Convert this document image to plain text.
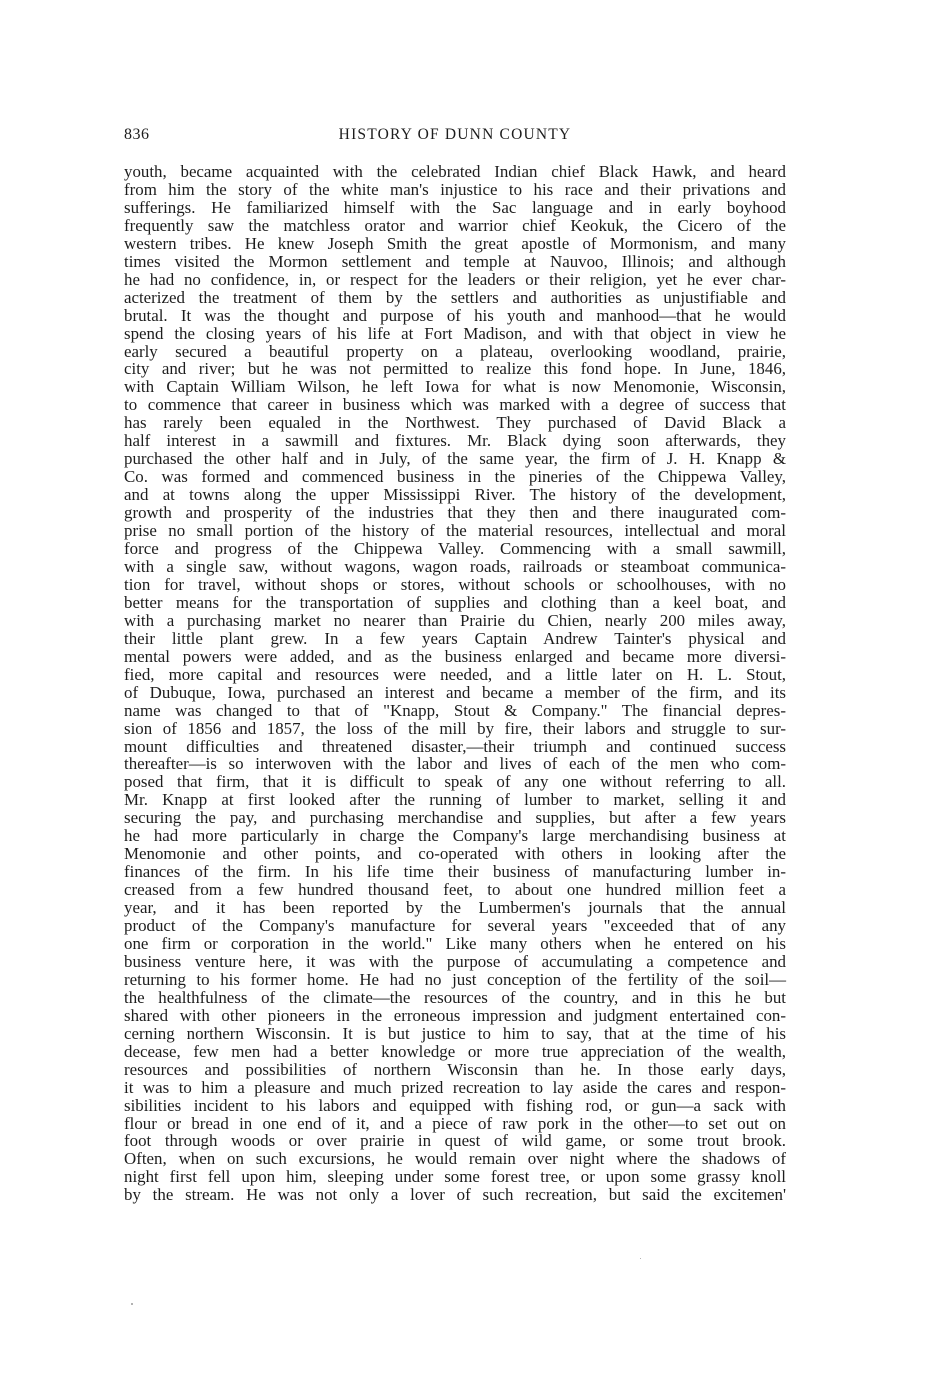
836	HISTORY OF DUNN COUNTY
youth, became acquainted with the celebrated Indian chief Black Hawk, and heard
from him the story of the white man's injustice to his race and their privations and
sufferings. He familiarized himself with the Sac language and in early boyhood
frequently saw the matchless orator and warrior chief Keokuk, the Cicero of the
western tribes. He knew Joseph Smith the great apostle of Mormonism, and many
times visited the Mormon settlement and temple at Nauvoo, Illinois; and although
he had no confidence, in, or respect for the leaders or their religion, yet he ever char-
acterized the treatment of them by the settlers and authorities as unjustifiable and
brutal. It was the thought and purpose of his youth and manhood—that he would
spend the closing years of his life at Fort Madison, and with that object in view he
early secured a beautiful property on a plateau, overlooking woodland, prairie,
city and river; but he was not permitted to realize this fond hope. In June, 1846,
with Captain William Wilson, he left Iowa for what is now Menomonie, Wisconsin,
to commence that career in business which was marked with a degree of success that
has rarely been equaled in the Northwest. They purchased of David Black a
half interest in a sawmill and fixtures. Mr. Black dying soon afterwards, they
purchased the other half and in July, of the same year, the firm of J. H. Knapp &
Co. was formed and commenced business in the pineries of the Chippewa Valley,
and at towns along the upper Mississippi River. The history of the development,
growth and prosperity of the industries that they then and there inaugurated com-
prise no small portion of the history of the material resources, intellectual and moral
force and progress of the Chippewa Valley. Commencing with a small sawmill,
with a single saw, without wagons, wagon roads, railroads or steamboat communica-
tion for travel, without shops or stores, without schools or schoolhouses, with no
better means for the transportation of supplies and clothing than a keel boat, and
with a purchasing market no nearer than Prairie du Chien, nearly 200 miles away,
their little plant grew. In a few years Captain Andrew Tainter's physical and
mental powers were added, and as the business enlarged and became more diversi-
fied, more capital and resources were needed, and a little later on H. L. Stout,
of Dubuque, Iowa, purchased an interest and became a member of the firm, and its
name was changed to that of "Knapp, Stout & Company." The financial depres-
sion of 1856 and 1857, the loss of the mill by fire, their labors and struggle to sur-
mount difficulties and threatened disaster,—their triumph and continued success
thereafter—is so interwoven with the labor and lives of each of the men who com-
posed that firm, that it is difficult to speak of any one without referring to all.
Mr. Knapp at first looked after the running of lumber to market, selling it and
securing the pay, and purchasing merchandise and supplies, but after a few years
he had more particularly in charge the Company's large merchandising business at
Menomonie and other points, and co-operated with others in looking after the
finances of the firm. In his life time their business of manufacturing lumber in-
creased from a few hundred thousand feet, to about one hundred million feet a
year, and it has been reported by the Lumbermen's journals that the annual
product of the Company's manufacture for several years "exceeded that of any
one firm or corporation in the world." Like many others when he entered on his
business venture here, it was with the purpose of accumulating a competence and
returning to his former home. He had no just conception of the fertility of the soil—
the healthfulness of the climate—the resources of the country, and in this he but
shared with other pioneers in the erroneous impression and judgment entertained con-
cerning northern Wisconsin. It is but justice to him to say, that at the time of his
decease, few men had a better knowledge or more true appreciation of the wealth,
resources and possibilities of northern Wisconsin than he. In those early days,
it was to him a pleasure and much prized recreation to lay aside the cares and respon-
sibilities incident to his labors and equipped with fishing rod, or gun—a sack with
flour or bread in one end of it, and a piece of raw pork in the other—to set out on
foot through woods or over prairie in quest of wild game, or some trout brook.
Often, when on such excursions, he would remain over night where the shadows of
night first fell upon him, sleeping under some forest tree, or upon some grassy knoll
by the stream. He was not only a lover of such recreation, but said the excitemen'
